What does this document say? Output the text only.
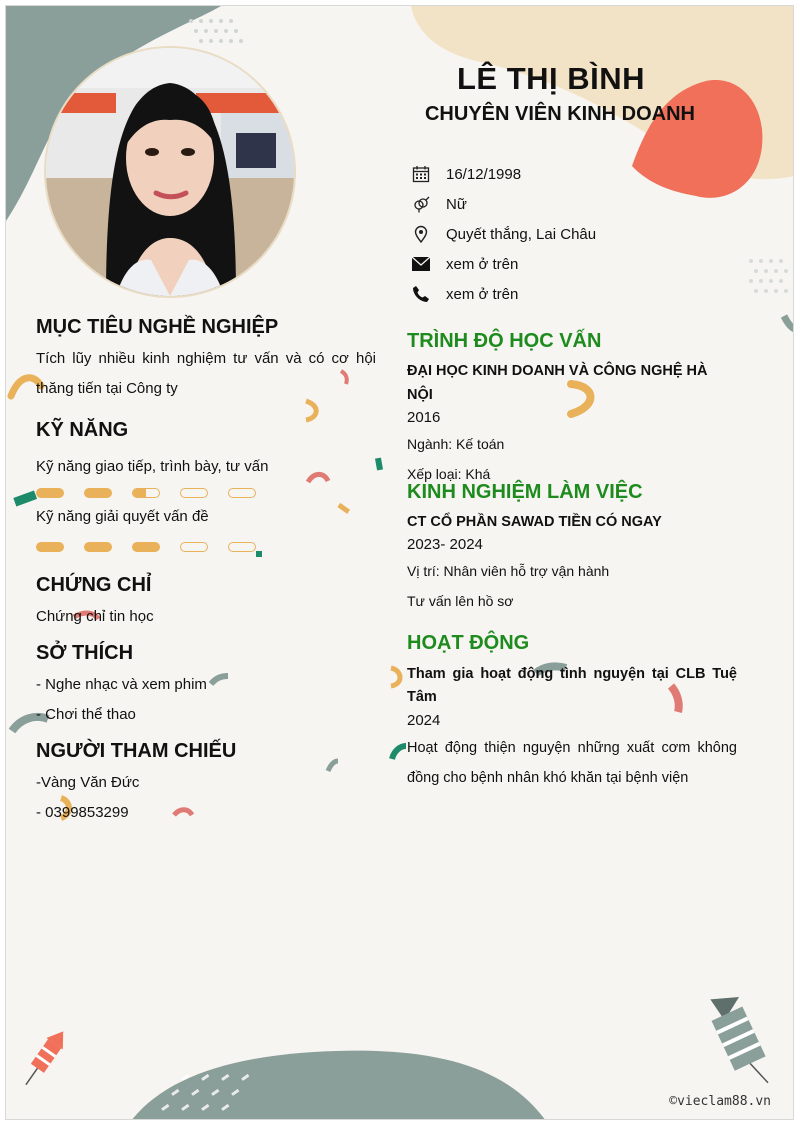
LÊ THỊ BÌNH
CHUYÊN VIÊN KINH DOANH
16/12/1998
Nữ
Quyết thắng, Lai Châu
xem ở trên
xem ở trên
MỤC TIÊU NGHỀ NGHIỆP
Tích lũy nhiều kinh nghiệm tư vấn và có cơ hội thăng tiến tại Công ty
KỸ NĂNG
Kỹ năng giao tiếp, trình bày, tư vấn
Kỹ năng giải quyết vấn đề
CHỨNG CHỈ
Chứng chỉ tin học
SỞ THÍCH
- Nghe nhạc và xem phim
- Chơi thể thao
NGƯỜI THAM CHIẾU
-Vàng Văn Đức
- 0399853299
TRÌNH ĐỘ HỌC VẤN
ĐẠI HỌC KINH DOANH VÀ CÔNG NGHỆ HÀ NỘI
2016
Ngành: Kế toán
Xếp loại: Khá
KINH NGHIỆM LÀM VIỆC
CT CỔ PHẦN SAWAD TIỀN CÓ NGAY
2023- 2024
Vị trí: Nhân viên hỗ trợ vận hành
Tư vấn lên hồ sơ
HOẠT ĐỘNG
Tham gia hoạt động tình nguyện tại CLB Tuệ Tâm
2024
Hoạt động thiện nguyện những xuất cơm không đồng cho bệnh nhân khó khăn tại bệnh viện
©vieclam88.vn
